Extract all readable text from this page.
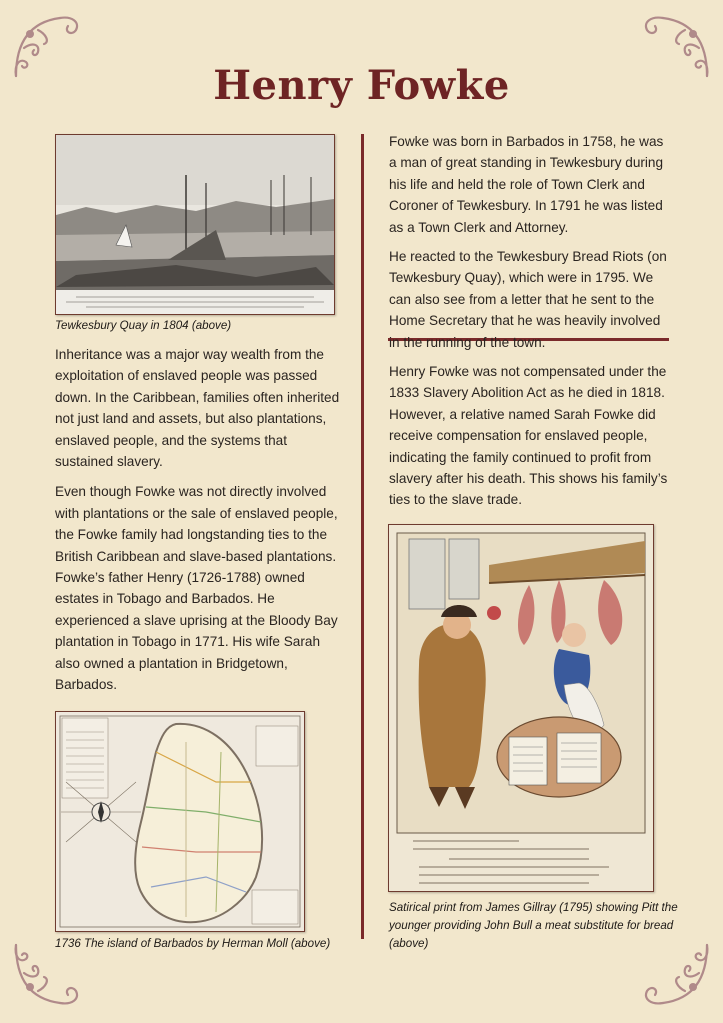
Henry Fowke
Tewkesbury Quay in 1804 (above)

Inheritance was a major way wealth from the exploitation of enslaved people was passed down. In the Caribbean, families often inherited not just land and assets, but also plantations, enslaved people, and the systems that sustained slavery.

Even though Fowke was not directly involved with plantations or the sale of enslaved people, the Fowke family had longstanding ties to the British Caribbean and slave-based plantations. Fowke’s father Henry (1726-1788) owned estates in Tobago and Barbados. He experienced a slave uprising at the Bloody Bay plantation in Tobago in 1771. His wife Sarah also owned a plantation in Bridgetown, Barbados.

1736 The island of Barbados by Herman Moll (above)

Fowke was born in Barbados in 1758, he was a man of great standing in Tewkesbury during his life and held the role of Town Clerk and Coroner of Tewkesbury. In 1791 he was listed as a Town Clerk and Attorney.

He reacted to the Tewkesbury Bread Riots (on Tewkesbury Quay), which were in 1795. We can also see from a letter that he sent to the Home Secretary that he was heavily involved in the running of the town.

Henry Fowke was not compensated under the 1833 Slavery Abolition Act as he died in 1818. However, a relative named Sarah Fowke did receive compensation for enslaved people, indicating the family continued to profit from slavery after his death. This shows his family’s ties to the slave trade.

Satirical print from James Gillray (1795) showing Pitt the younger providing John Bull a meat substitute for bread (above)
